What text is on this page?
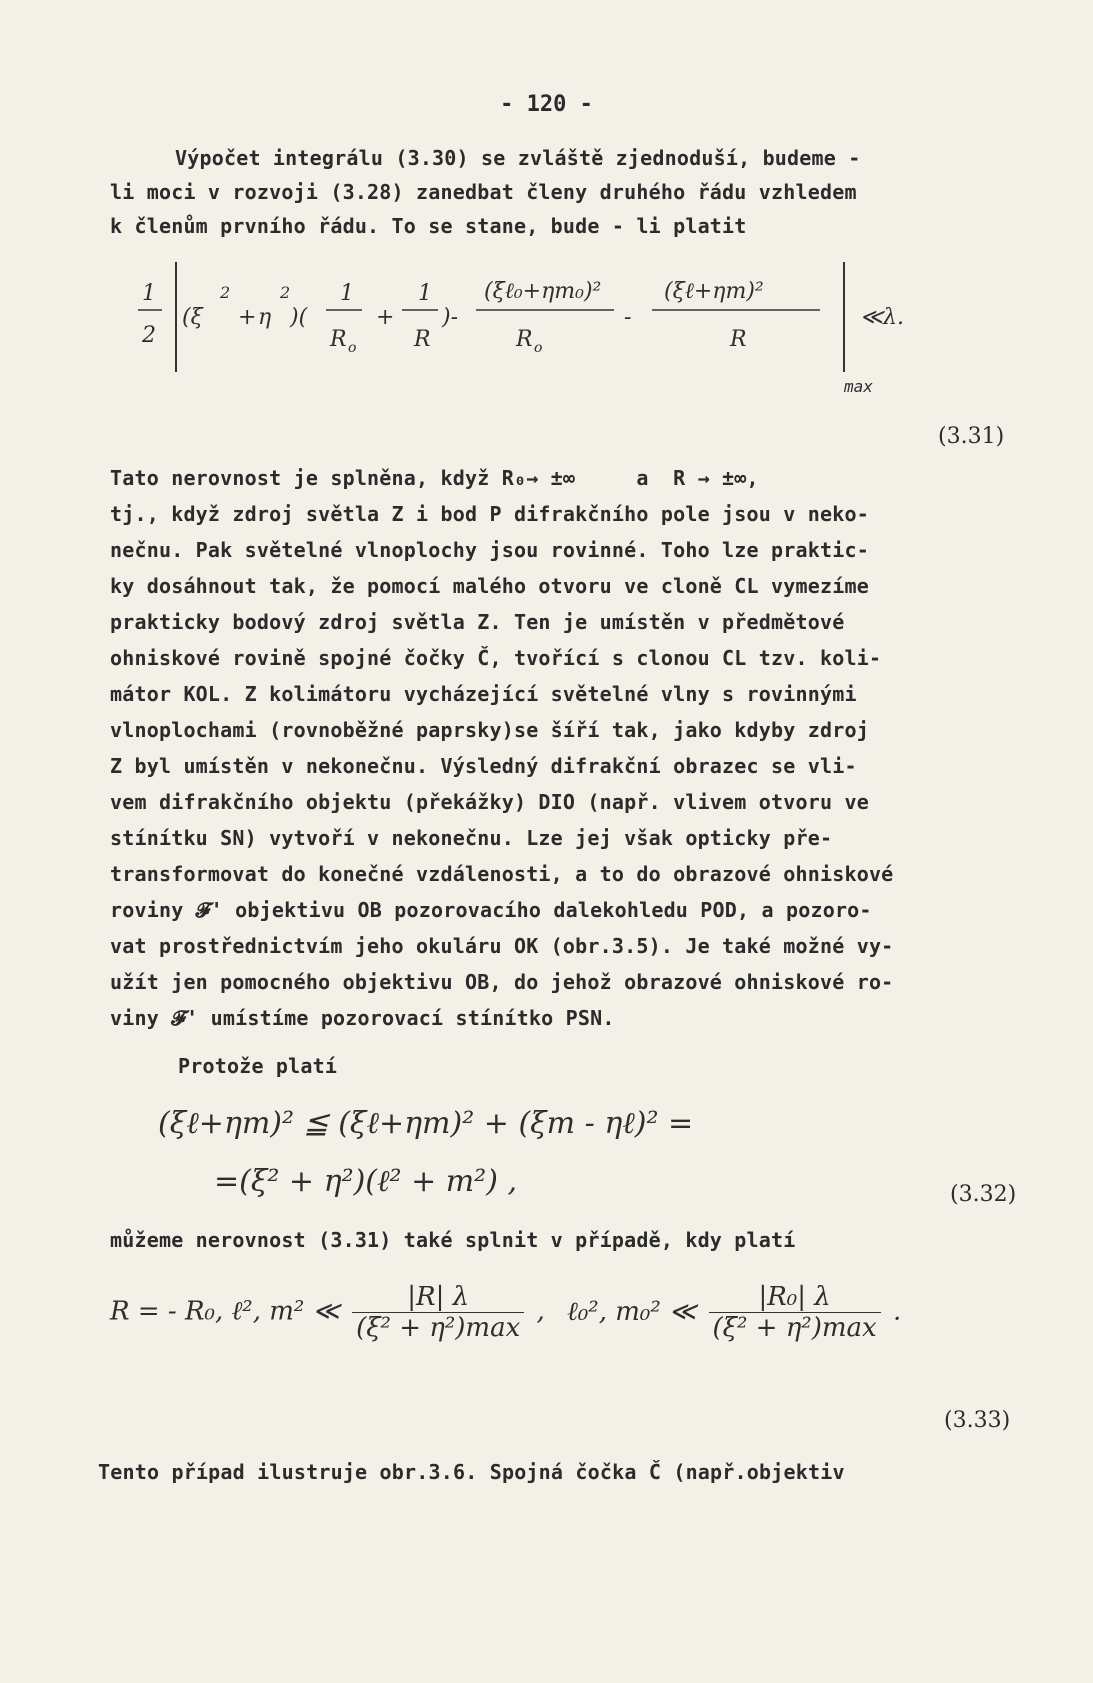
- 120 -
Výpočet integrálu (3.30) se zvláště zjednoduší, budeme -
li moci v rozvoji (3.28) zanedbat členy druhého řádu vzhledem
k členům prvního řádu. To se stane, bude - li platit
1
2
(ξ
2
+ η
2
)(
1
R o
+
1
R
)-
(ξℓ₀+ηm₀)²
R o
-
(ξℓ+ηm)²
R
≪λ.
max
(3.31)
Tato nerovnost je splněna, když R₀→ ±∞     a  R → ±∞,
tj., když zdroj světla Z i bod P difrakčního pole jsou v neko-
nečnu. Pak světelné vlnoplochy jsou rovinné. Toho lze praktic-
ky dosáhnout tak, že pomocí malého otvoru ve cloně CL vymezíme
prakticky bodový zdroj světla Z. Ten je umístěn v předmětové
ohniskové rovině spojné čočky Č, tvořící s clonou CL tzv. koli-
mátor KOL. Z kolimátoru vycházející světelné vlny s rovinnými
vlnoplochami (rovnoběžné paprsky)se šíří tak, jako kdyby zdroj
Z byl umístěn v nekonečnu. Výsledný difrakční obrazec se vli-
vem difrakčního objektu (překážky) DIO (např. vlivem otvoru ve
stínítku SN) vytvoří v nekonečnu. Lze jej však opticky pře-
transformovat do konečné vzdálenosti, a to do obrazové ohniskové
roviny 𝓕' objektivu OB pozorovacího dalekohledu POD, a pozoro-
vat prostřednictvím jeho okuláru OK (obr.3.5). Je také možné vy-
užít jen pomocného objektivu OB, do jehož obrazové ohniskové ro-
viny 𝓕' umístíme pozorovací stínítko PSN.
Protože platí
(ξℓ+ηm)² ≦ (ξℓ+ηm)² + (ξm - ηℓ)² =
=(ξ² + η²)(ℓ² + m²) ,	(3.32)
můžeme nerovnost (3.31) také splnit v případě, kdy platí
R = - R₀, ℓ², m² ≪ $\frac{|R| \lambda}{\text{(ξ² + η²)max}}$ , ℓ₀², m₀² ≪ $\frac{\text{|R₀| λ}}{\text{(ξ² + η²)max}}$ .
(3.33)
Tento případ ilustruje obr.3.6. Spojná čočka Č (např.objektiv
